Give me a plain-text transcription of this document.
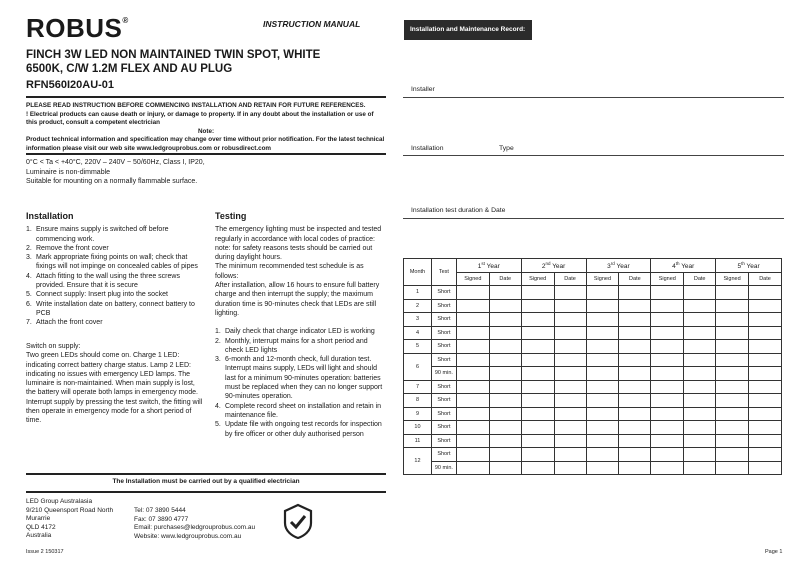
ROBUS®	INSTRUCTION MANUAL
Installation and Maintenance Record:
FINCH 3W LED NON MAINTAINED TWIN SPOT, WHITE
6500K, C/W 1.2M FLEX AND AU PLUG
RFN560I20AU-01
PLEASE READ INSTRUCTION BEFORE COMMENCING INSTALLATION AND RETAIN FOR FUTURE REFERENCES.
! Electrical products can cause death or injury, or damage to property. If in any doubt about the installation or use of this product, consult a competent electrician
Note:
Product technical information and specification may change over time without prior notification. For the latest technical information please visit our web site www.ledgrouprobus.com or robusdirect.com
0°C < Ta < +40°C, 220V – 240V ~ 50/60Hz, Class I, IP20,
Luminaire is non-dimmable
Suitable for mounting on a normally flammable surface.
Installation
1. Ensure mains supply is switched off before commencing work.
2. Remove the front cover
3. Mark appropriate fixing points on wall; check that fixings will not impinge on concealed cables of pipes
4. Attach fitting to the wall using the three screws provided. Ensure that it is secure
5. Connect supply: Insert plug into the socket
6. Write installation date on battery, connect battery to PCB
7. Attach the front cover
Switch on supply:
Two green LEDs should come on. Charge 1 LED: indicating correct battery charge status. Lamp 2 LED: indicating no issues with emergency LED lamps. The luminaire is non-maintained. When main supply is lost, the battery will operate both lamps in emergency mode. Interrupt supply by pressing the test switch, the fitting will then operate in emergency mode for a short period of time.
Testing
The emergency lighting must be inspected and tested regularly in accordance with local codes of practice: note: for safety reasons tests should be carried out during daylight hours.
The minimum recommended test schedule is as follows:
After installation, allow 16 hours to ensure full battery charge and then interrupt the supply; the maximum duration time is 90-minutes check that LEDs are still lighting.
1. Daily check that charge indicator LED is working
2. Monthly, interrupt mains for a short period and check LED lights
3. 6-month and 12-month check, full duration test. Interrupt mains supply, LEDs will light and should last for a minimum 90-minutes operation: batteries must be replaced when they can no longer support 90-minutes operation.
4. Complete record sheet on installation and retain in maintenance file.
5. Update file with ongoing test records for inspection by fire officer or other duly authorised person
The Installation must be carried out by a qualified electrician
LED Group Australasia
9/210 Queensport Road North
Murarrie
QLD 4172
Australia
Tel: 07 3890 5444
Fax: 07 3890 4777
Email: purchases@ledgrouprobus.com.au
Website: www.ledgrouprobus.com.au
Issue 2 150317	Page 1
Installer
Installation	Type
Installation test duration & Date
Month	Test	1st Year		2nd Year		3rd Year		4th Year		5th Year	
		Signed	Date	Signed	Date	Signed	Date	Signed	Date	Signed	Date
1	Short										
2	Short										
3	Short										
4	Short										
5	Short										
6	Short										
	90 min.										
7	Short										
8	Short										
9	Short										
10	Short										
11	Short										
12	Short										
	90 min.										
